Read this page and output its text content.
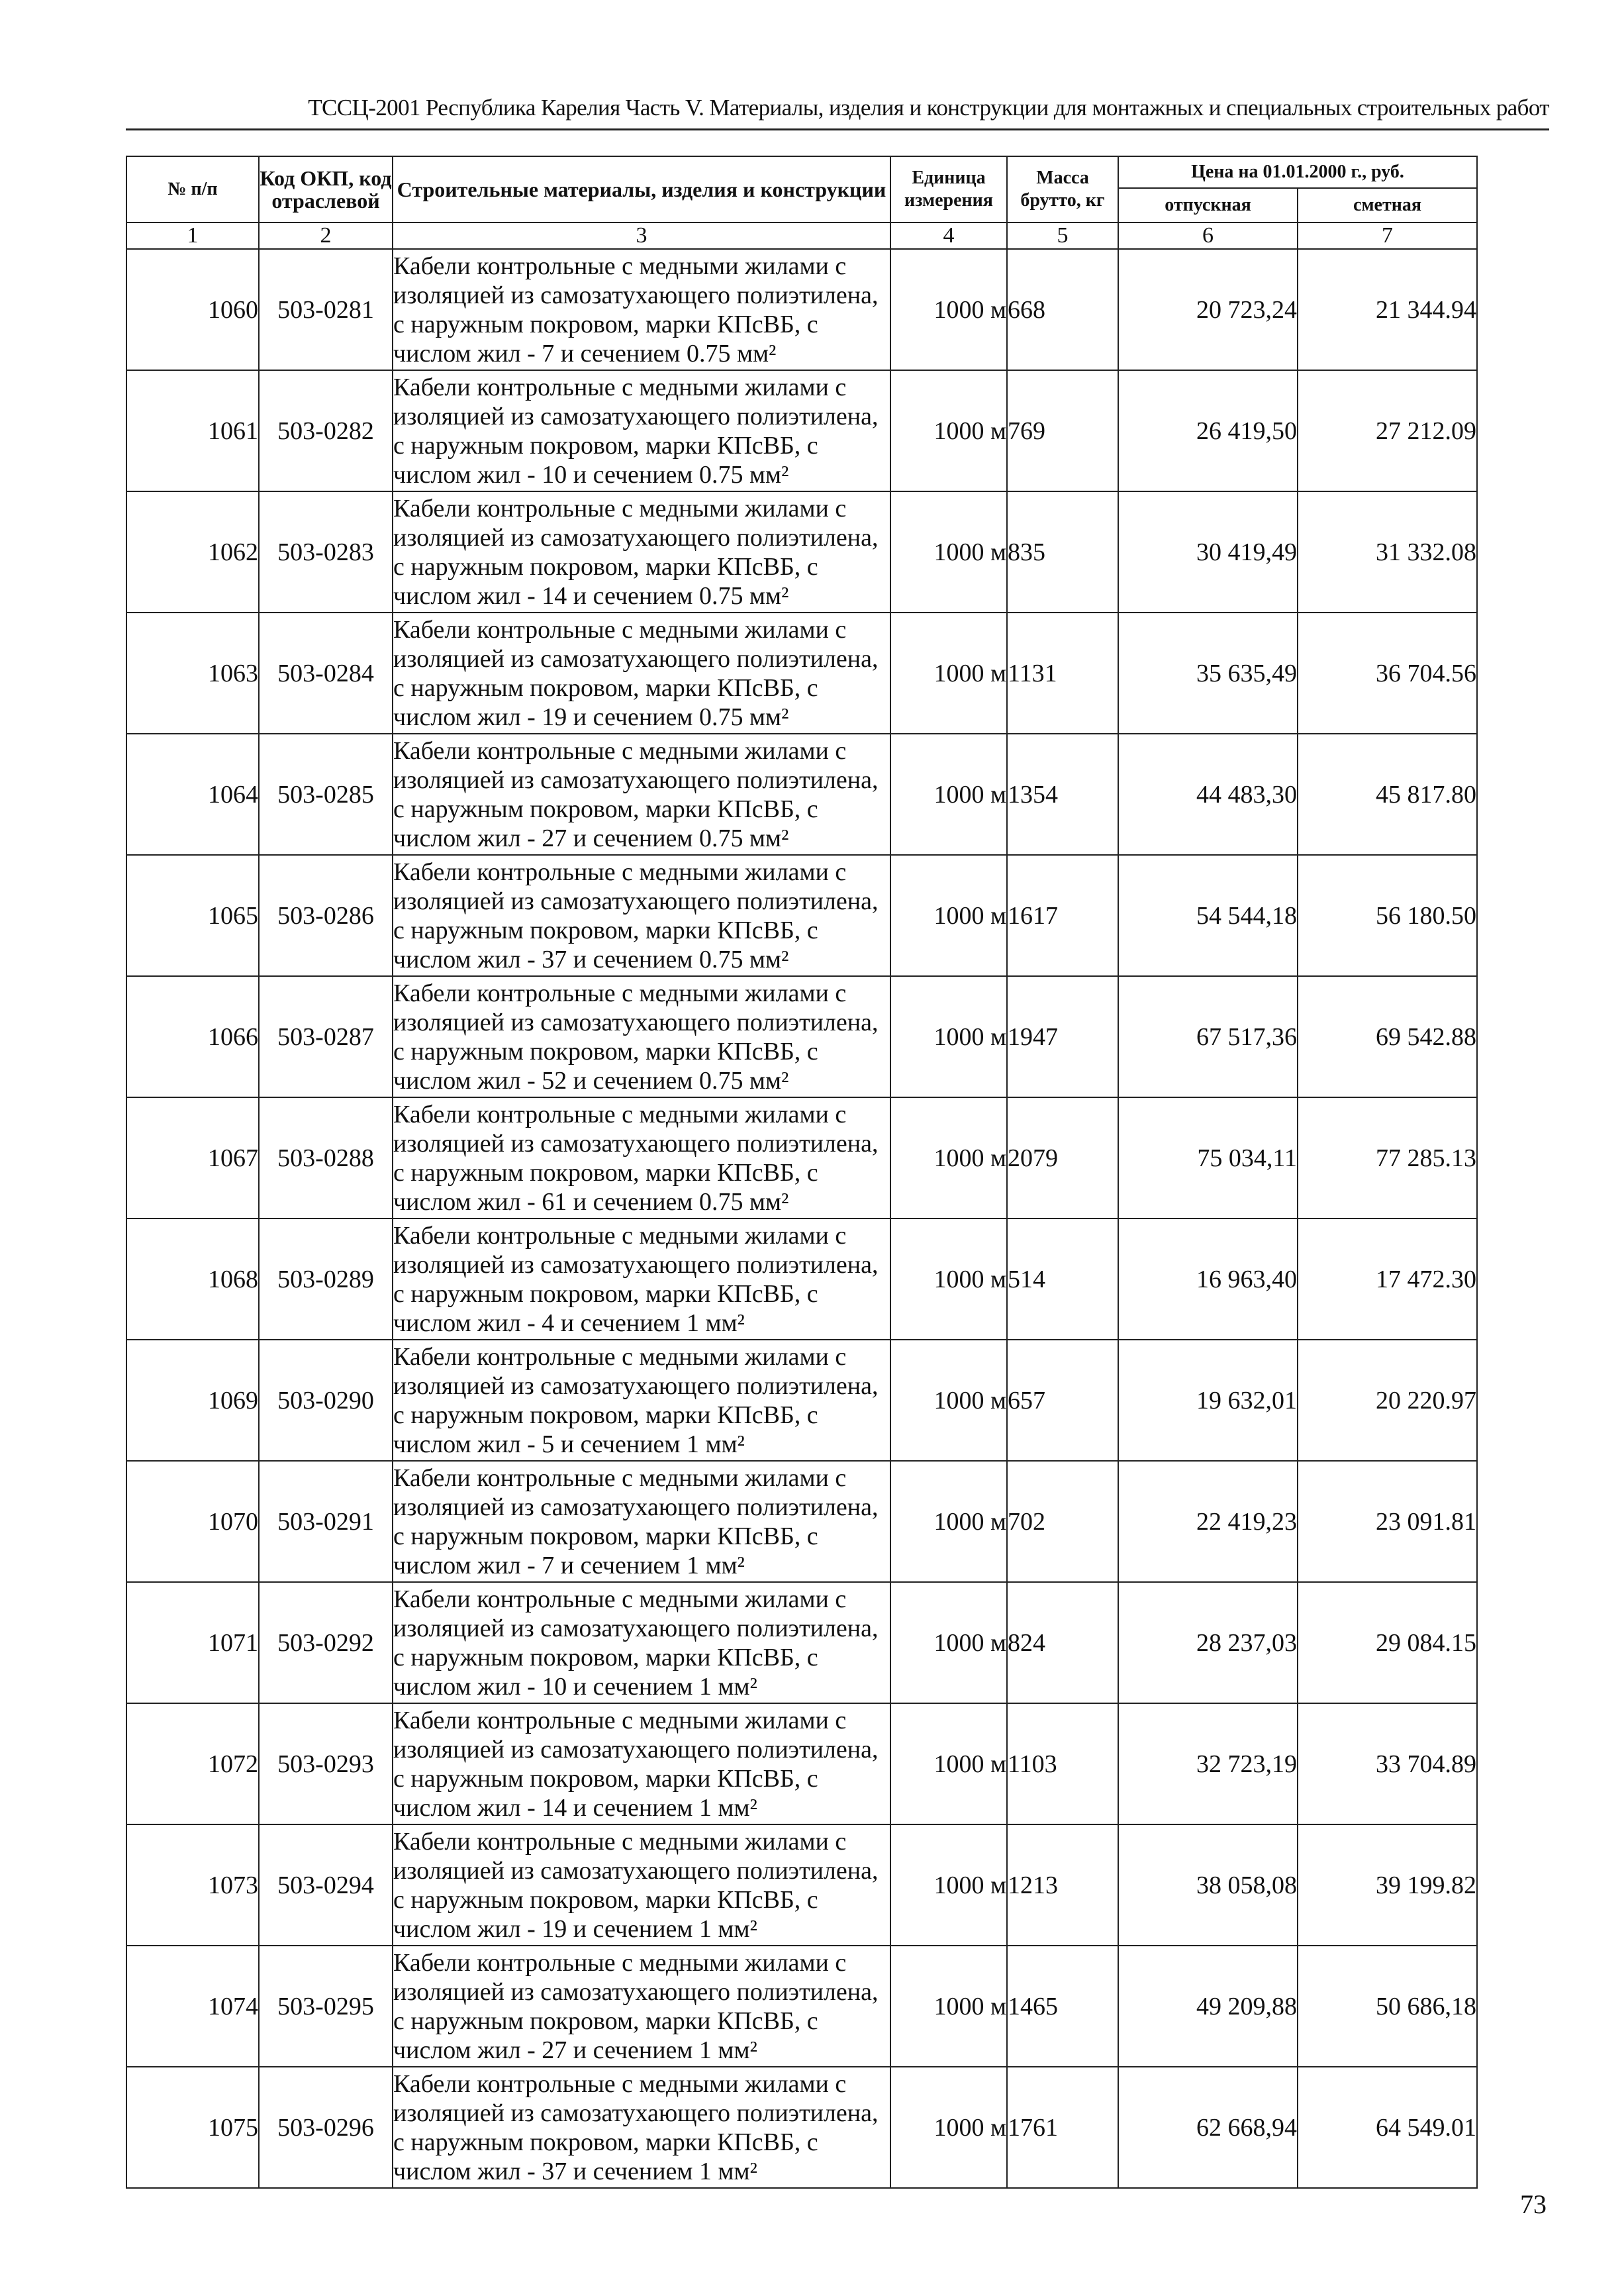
ТССЦ-2001 Республика Карелия Часть V. Материалы, изделия и конструкции для монтажных и специальных строительных работ
№ п/п	Код ОКП, код отраслевой	Строительные материалы, изделия и конструкции	Единица измерения	Масса брутто, кг	Цена на 01.01.2000 г., руб.	
					отпускная	сметная
1	2	3	4	5	6	7
1060	503-0281	Кабели контрольные с медными жилами с изоляцией из самозатухающего полиэтилена, с наружным покровом, марки КПсВБ, с числом жил - 7 и сечением 0.75 мм²	1000 м	668	20 723,24	21 344.94
1061	503-0282	Кабели контрольные с медными жилами с изоляцией из самозатухающего полиэтилена, с наружным покровом, марки КПсВБ, с числом жил - 10 и сечением 0.75 мм²	1000 м	769	26 419,50	27 212.09
1062	503-0283	Кабели контрольные с медными жилами с изоляцией из самозатухающего полиэтилена, с наружным покровом, марки КПсВБ, с числом жил - 14 и сечением 0.75 мм²	1000 м	835	30 419,49	31 332.08
1063	503-0284	Кабели контрольные с медными жилами с изоляцией из самозатухающего полиэтилена, с наружным покровом, марки КПсВБ, с числом жил - 19 и сечением 0.75 мм²	1000 м	1131	35 635,49	36 704.56
1064	503-0285	Кабели контрольные с медными жилами с изоляцией из самозатухающего полиэтилена, с наружным покровом, марки КПсВБ, с числом жил - 27 и сечением 0.75 мм²	1000 м	1354	44 483,30	45 817.80
1065	503-0286	Кабели контрольные с медными жилами с изоляцией из самозатухающего полиэтилена, с наружным покровом, марки КПсВБ, с числом жил - 37 и сечением 0.75 мм²	1000 м	1617	54 544,18	56 180.50
1066	503-0287	Кабели контрольные с медными жилами с изоляцией из самозатухающего полиэтилена, с наружным покровом, марки КПсВБ, с числом жил - 52 и сечением 0.75 мм²	1000 м	1947	67 517,36	69 542.88
1067	503-0288	Кабели контрольные с медными жилами с изоляцией из самозатухающего полиэтилена, с наружным покровом, марки КПсВБ, с числом жил - 61 и сечением 0.75 мм²	1000 м	2079	75 034,11	77 285.13
1068	503-0289	Кабели контрольные с медными жилами с изоляцией из самозатухающего полиэтилена, с наружным покровом, марки КПсВБ, с числом жил - 4 и сечением 1 мм²	1000 м	514	16 963,40	17 472.30
1069	503-0290	Кабели контрольные с медными жилами с изоляцией из самозатухающего полиэтилена, с наружным покровом, марки КПсВБ, с числом жил - 5 и сечением 1 мм²	1000 м	657	19 632,01	20 220.97
1070	503-0291	Кабели контрольные с медными жилами с изоляцией из самозатухающего полиэтилена, с наружным покровом, марки КПсВБ, с числом жил - 7 и сечением 1 мм²	1000 м	702	22 419,23	23 091.81
1071	503-0292	Кабели контрольные с медными жилами с изоляцией из самозатухающего полиэтилена, с наружным покровом, марки КПсВБ, с числом жил - 10 и сечением 1 мм²	1000 м	824	28 237,03	29 084.15
1072	503-0293	Кабели контрольные с медными жилами с изоляцией из самозатухающего полиэтилена, с наружным покровом, марки КПсВБ, с числом жил - 14 и сечением 1 мм²	1000 м	1103	32 723,19	33 704.89
1073	503-0294	Кабели контрольные с медными жилами с изоляцией из самозатухающего полиэтилена, с наружным покровом, марки КПсВБ, с числом жил - 19 и сечением 1 мм²	1000 м	1213	38 058,08	39 199.82
1074	503-0295	Кабели контрольные с медными жилами с изоляцией из самозатухающего полиэтилена, с наружным покровом, марки КПсВБ, с числом жил - 27 и сечением 1 мм²	1000 м	1465	49 209,88	50 686,18
1075	503-0296	Кабели контрольные с медными жилами с изоляцией из самозатухающего полиэтилена, с наружным покровом, марки КПсВБ, с числом жил - 37 и сечением 1 мм²	1000 м	1761	62 668,94	64 549.01
73
